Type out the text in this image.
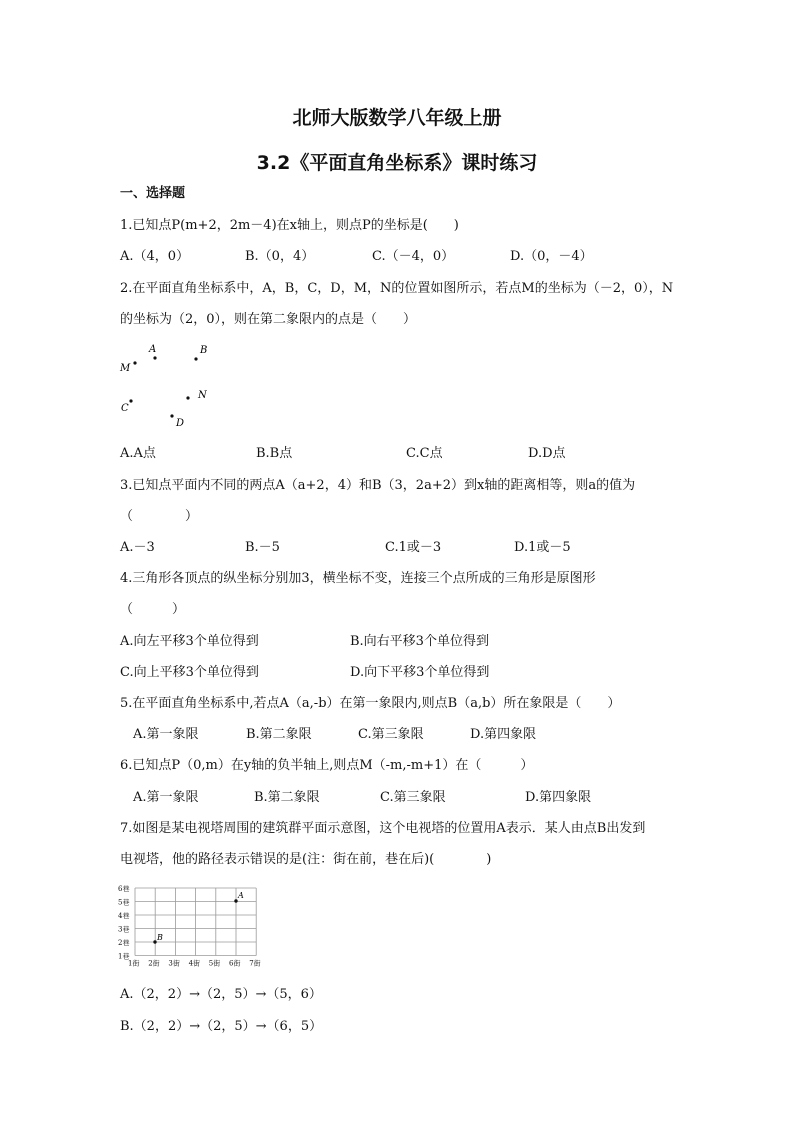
北师大版数学八年级上册
3.2《平面直角坐标系》课时练习
一、选择题
1.已知点P(m+2，2m－4)在x轴上，则点P的坐标是(　　)
A.（4，0）	B.（0，4）	C.（－4，0）	D.（0，－4）
2.在平面直角坐标系中，A，B，C，D，M，N的位置如图所示，若点M的坐标为（－2，0），N
的坐标为（2，0），则在第二象限内的点是（　　）
M
A	B
N
C
D
A.A点	B.B点	C.C点	D.D点
3.已知点平面内不同的两点A（a+2，4）和B（3，2a+2）到x轴的距离相等，则a的值为
（　　　　）
A.－3	B.－5	C.1或－3	D.1或－5
4.三角形各顶点的纵坐标分别加3，横坐标不变，连接三个点所成的三角形是原图形
（　　　）
A.向左平移3个单位得到	B.向右平移3个单位得到
C.向上平移3个单位得到	D.向下平移3个单位得到
5.在平面直角坐标系中,若点A（a,-b）在第一象限内,则点B（a,b）所在象限是（　　）
A.第一象限	B.第二象限	C.第三象限	D.第四象限
6.已知点P（0,m）在y轴的负半轴上,则点M（-m,-m+1）在（　　　）
A.第一象限	B.第二象限	C.第三象限	D.第四象限
7.如图是某电视塔周围的建筑群平面示意图，这个电视塔的位置用A表示．某人由点B出发到
电视塔，他的路径表示错误的是(注：街在前，巷在后)(　　　　)
6巷
5巷
4巷
3巷
2巷
1巷
1街 2街 3街 4街 5街 6街 7街
A
B
A.（2，2）→（2，5）→（5，6）
B.（2，2）→（2，5）→（6，5）
